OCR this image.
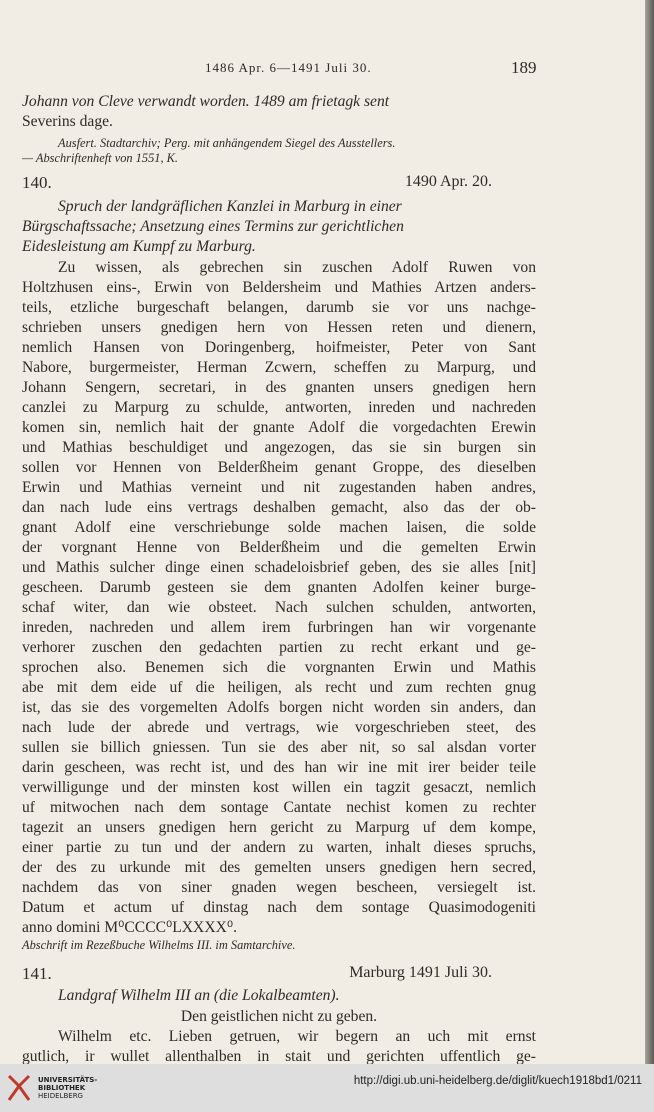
1486 Apr. 6—1491 Juli 30.	189

Johann von Cleve verwandt worden. 1489 am frietagk sent

Severins dage.

Ausfert. Stadtarchiv; Perg. mit anhängendem Siegel des Ausstellers.

— Abschriftenheft von 1551, K.

140.	1490 Apr. 20.

Spruch der landgräflichen Kanzlei in Marburg in einer

Bürgschaftssache; Ansetzung eines Termins zur gerichtlichen

Eidesleistung am Kumpf zu Marburg.

Zu wissen, als gebrechen sin zuschen Adolf Ruwen von

Holtzhusen eins-, Erwin von Beldersheim und Mathies Artzen anders-

teils, etzliche burgeschaft belangen, darumb sie vor uns nachge-

schrieben unsers gnedigen hern von Hessen reten und dienern,

nemlich Hansen von Doringenberg, hoifmeister, Peter von Sant

Nabore, burgermeister, Herman Zcwern, scheffen zu Marpurg, und

Johann Sengern, secretari, in des gnanten unsers gnedigen hern

canzlei zu Marpurg zu schulde, antworten, inreden und nachreden

komen sin, nemlich hait der gnante Adolf die vorgedachten Erewin

und Mathias beschuldiget und angezogen, das sie sin burgen sin

sollen vor Hennen von Belderßheim genant Groppe, des dieselben

Erwin und Mathias verneint und nit zugestanden haben andres,

dan nach lude eins vertrags deshalben gemacht, also das der ob-

gnant Adolf eine verschriebunge solde machen laisen, die solde

der vorgnant Henne von Belderßheim und die gemelten Erwin

und Mathis sulcher dinge einen schadeloisbrief geben, des sie alles [nit]

gescheen. Darumb gesteen sie dem gnanten Adolfen keiner burge-

schaf witer, dan wie obsteet. Nach sulchen schulden, antworten,

inreden, nachreden und allem irem furbringen han wir vorgenante

verhorer zuschen den gedachten partien zu recht erkant und ge-

sprochen also. Benemen sich die vorgnanten Erwin und Mathis

abe mit dem eide uf die heiligen, als recht und zum rechten gnug

ist, das sie des vorgemelten Adolfs borgen nicht worden sin anders, dan

nach lude der abrede und vertrags, wie vorgeschrieben steet, des

sullen sie billich gniessen. Tun sie des aber nit, so sal alsdan vorter

darin gescheen, was recht ist, und des han wir ine mit irer beider teile

verwilligunge und der minsten kost willen ein tagzit gesaczt, nemlich

uf mitwochen nach dem sontage Cantate nechist komen zu rechter

tagezit an unsers gnedigen hern gericht zu Marpurg uf dem kompe,

einer partie zu tun und der andern zu warten, inhalt dieses spruchs,

der des zu urkunde mit des gemelten unsers gnedigen hern secred,

nachdem das von siner gnaden wegen bescheen, versiegelt ist.

Datum et actum uf dinstag nach dem sontage Quasimodogeniti

anno domini M⁰CCCC⁰LXXXX⁰.

Abschrift im Rezeßbuche Wilhelms III. im Samtarchive.

141.	Marburg 1491 Juli 30.

Landgraf Wilhelm III an (die Lokalbeamten).

Den geistlichen nicht zu geben.

Wilhelm etc. Lieben getruen, wir begern an uch mit ernst

gutlich, ir wullet allenthalben in stait und gerichten uffentlich ge-

UNIVERSITÄTS-
BIBLIOTHEK
HEIDELBERG
http://digi.ub.uni-heidelberg.de/diglit/kuech1918bd1/0211
